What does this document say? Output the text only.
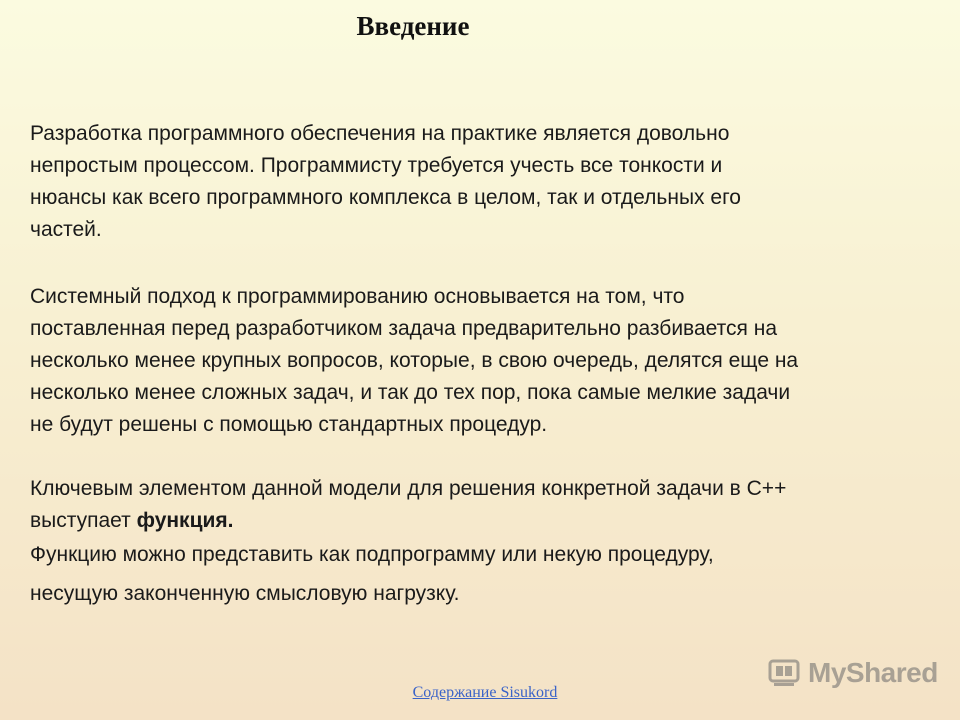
Введение
Разработка программного обеспечения на практике является довольно
непростым процессом. Программисту требуется учесть все тонкости и
нюансы как всего программного комплекса в целом, так и отдельных его
частей.
Системный подход к программированию основывается на том, что
поставленная перед разработчиком задача предварительно разбивается на
несколько менее крупных вопросов, которые, в свою очередь, делятся еще на
несколько менее сложных задач, и так до тех пор, пока самые мелкие задачи
не будут решены с помощью стандартных процедур.
Ключевым элементом данной модели для решения конкретной задачи в C++
выступает функция.
Функцию можно представить как подпрограмму или некую процедуру,
несущую законченную смысловую нагрузку.
MyShared
Содержание Sisukord
